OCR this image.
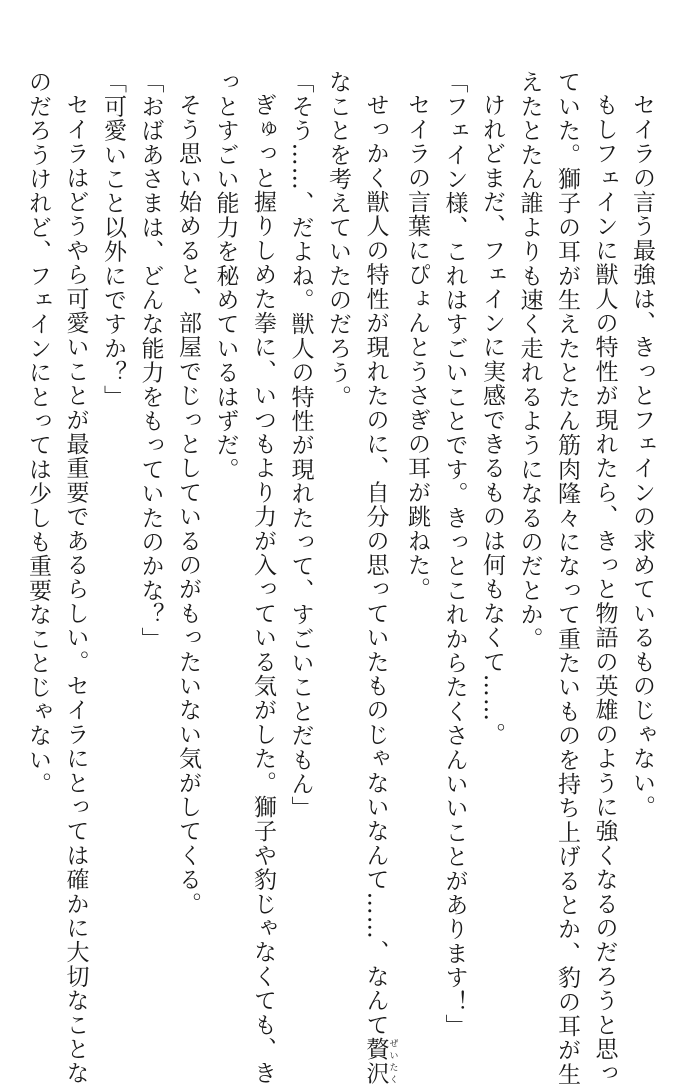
セイラの言う最強は、きっとフェインの求めているものじゃない。

もしフェインに獣人の特性が現れたら、きっと物語の英雄のように強くなるのだろうと思っ

ていた。獅子の耳が生えたとたん筋肉隆々になって重たいものを持ち上げるとか、豹の耳が生

えたとたん誰よりも速く走れるようになるのだとか。

けれどまだ、フェインに実感できるものは何もなくて……。

「フェイン様、これはすごいことです。きっとこれからたくさんいいことがあります！」

セイラの言葉にぴょんとうさぎの耳が跳ねた。

せっかく獣人の特性が現れたのに、自分の思っていたものじゃないなんて……、なんて贅沢 ぜいたく

なことを考えていたのだろう。

「そう……、だよね。獣人の特性が現れたって、すごいことだもん」

ぎゅっと握りしめた拳に、いつもより力が入っている気がした。獅子や豹じゃなくても、き

っとすごい能力を秘めているはずだ。

そう思い始めると、部屋でじっとしているのがもったいない気がしてくる。

「おばあさまは、どんな能力をもっていたのかな？」

「可愛いこと以外にですか？」

セイラはどうやら可愛いことが最重要であるらしい。セイラにとっては確かに大切なことな

のだろうけれど、フェインにとっては少しも重要なことじゃない。
